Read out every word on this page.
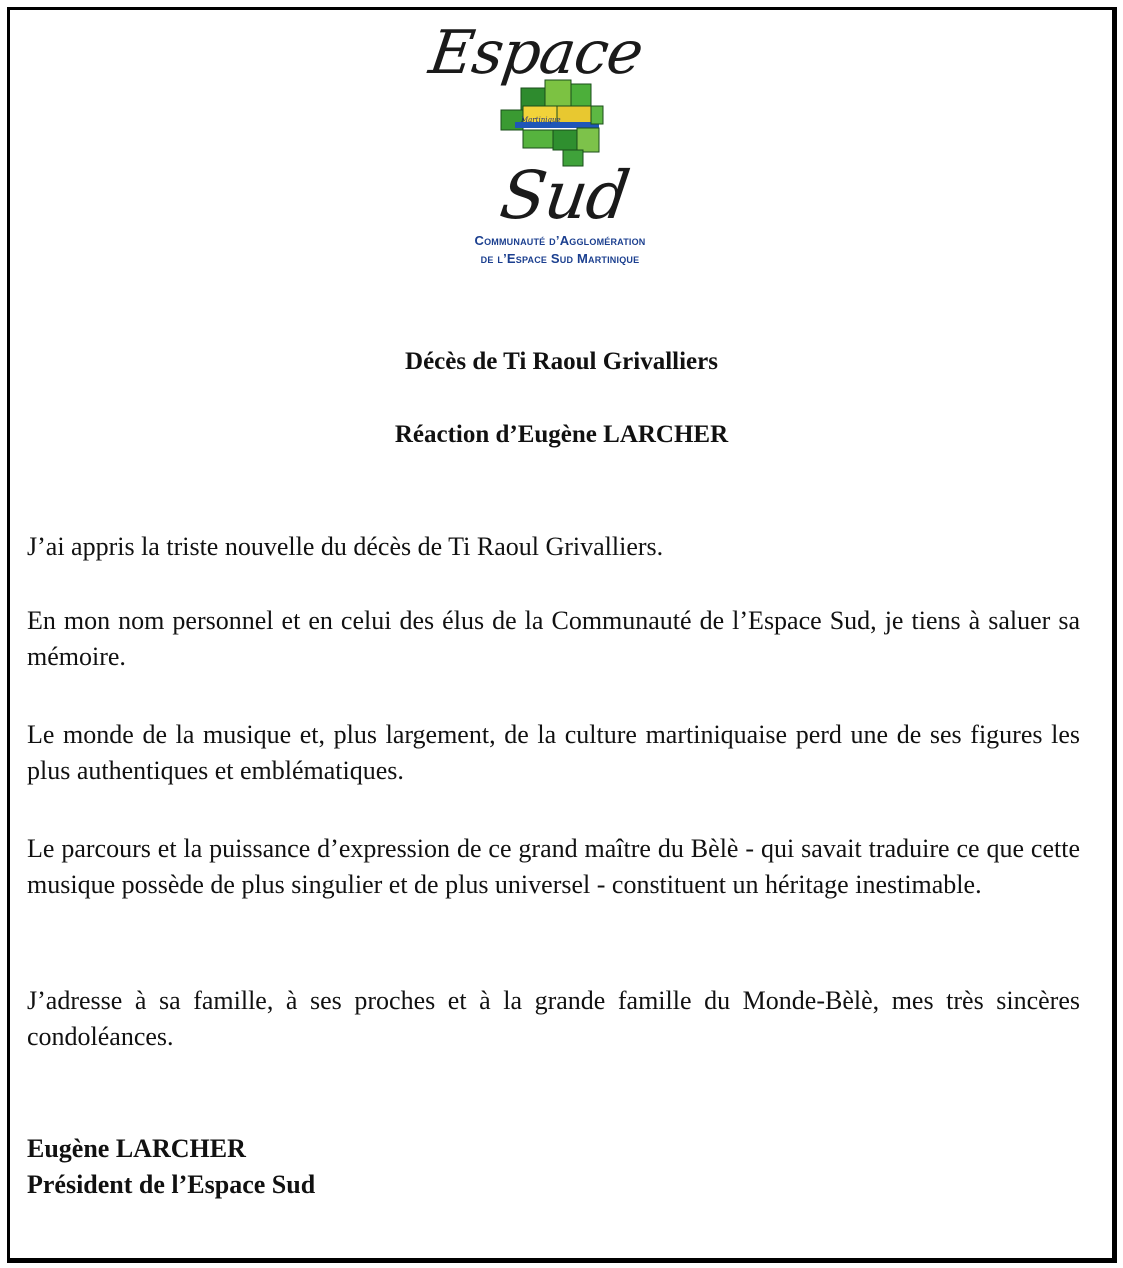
Espace
Martinique
Sud
Communauté d’Agglomération
de l’Espace Sud Martinique
Décès de Ti Raoul Grivalliers
Réaction d’Eugène LARCHER

J’ai appris la triste nouvelle du décès de Ti Raoul Grivalliers.

En mon nom personnel et en celui des élus de la Communauté de l’Espace Sud, je tiens à saluer sa mémoire.

Le monde de la musique et, plus largement, de la culture martiniquaise perd une de ses figures les plus authentiques et emblématiques.

Le parcours et la puissance d’expression de ce grand maître du Bèlè - qui savait traduire ce que cette musique possède de plus singulier et de plus universel - constituent un héritage inestimable.

J’adresse à sa famille, à ses proches et à la grande famille du Monde-Bèlè, mes très sincères condoléances.

Eugène LARCHER
Président de l’Espace Sud
